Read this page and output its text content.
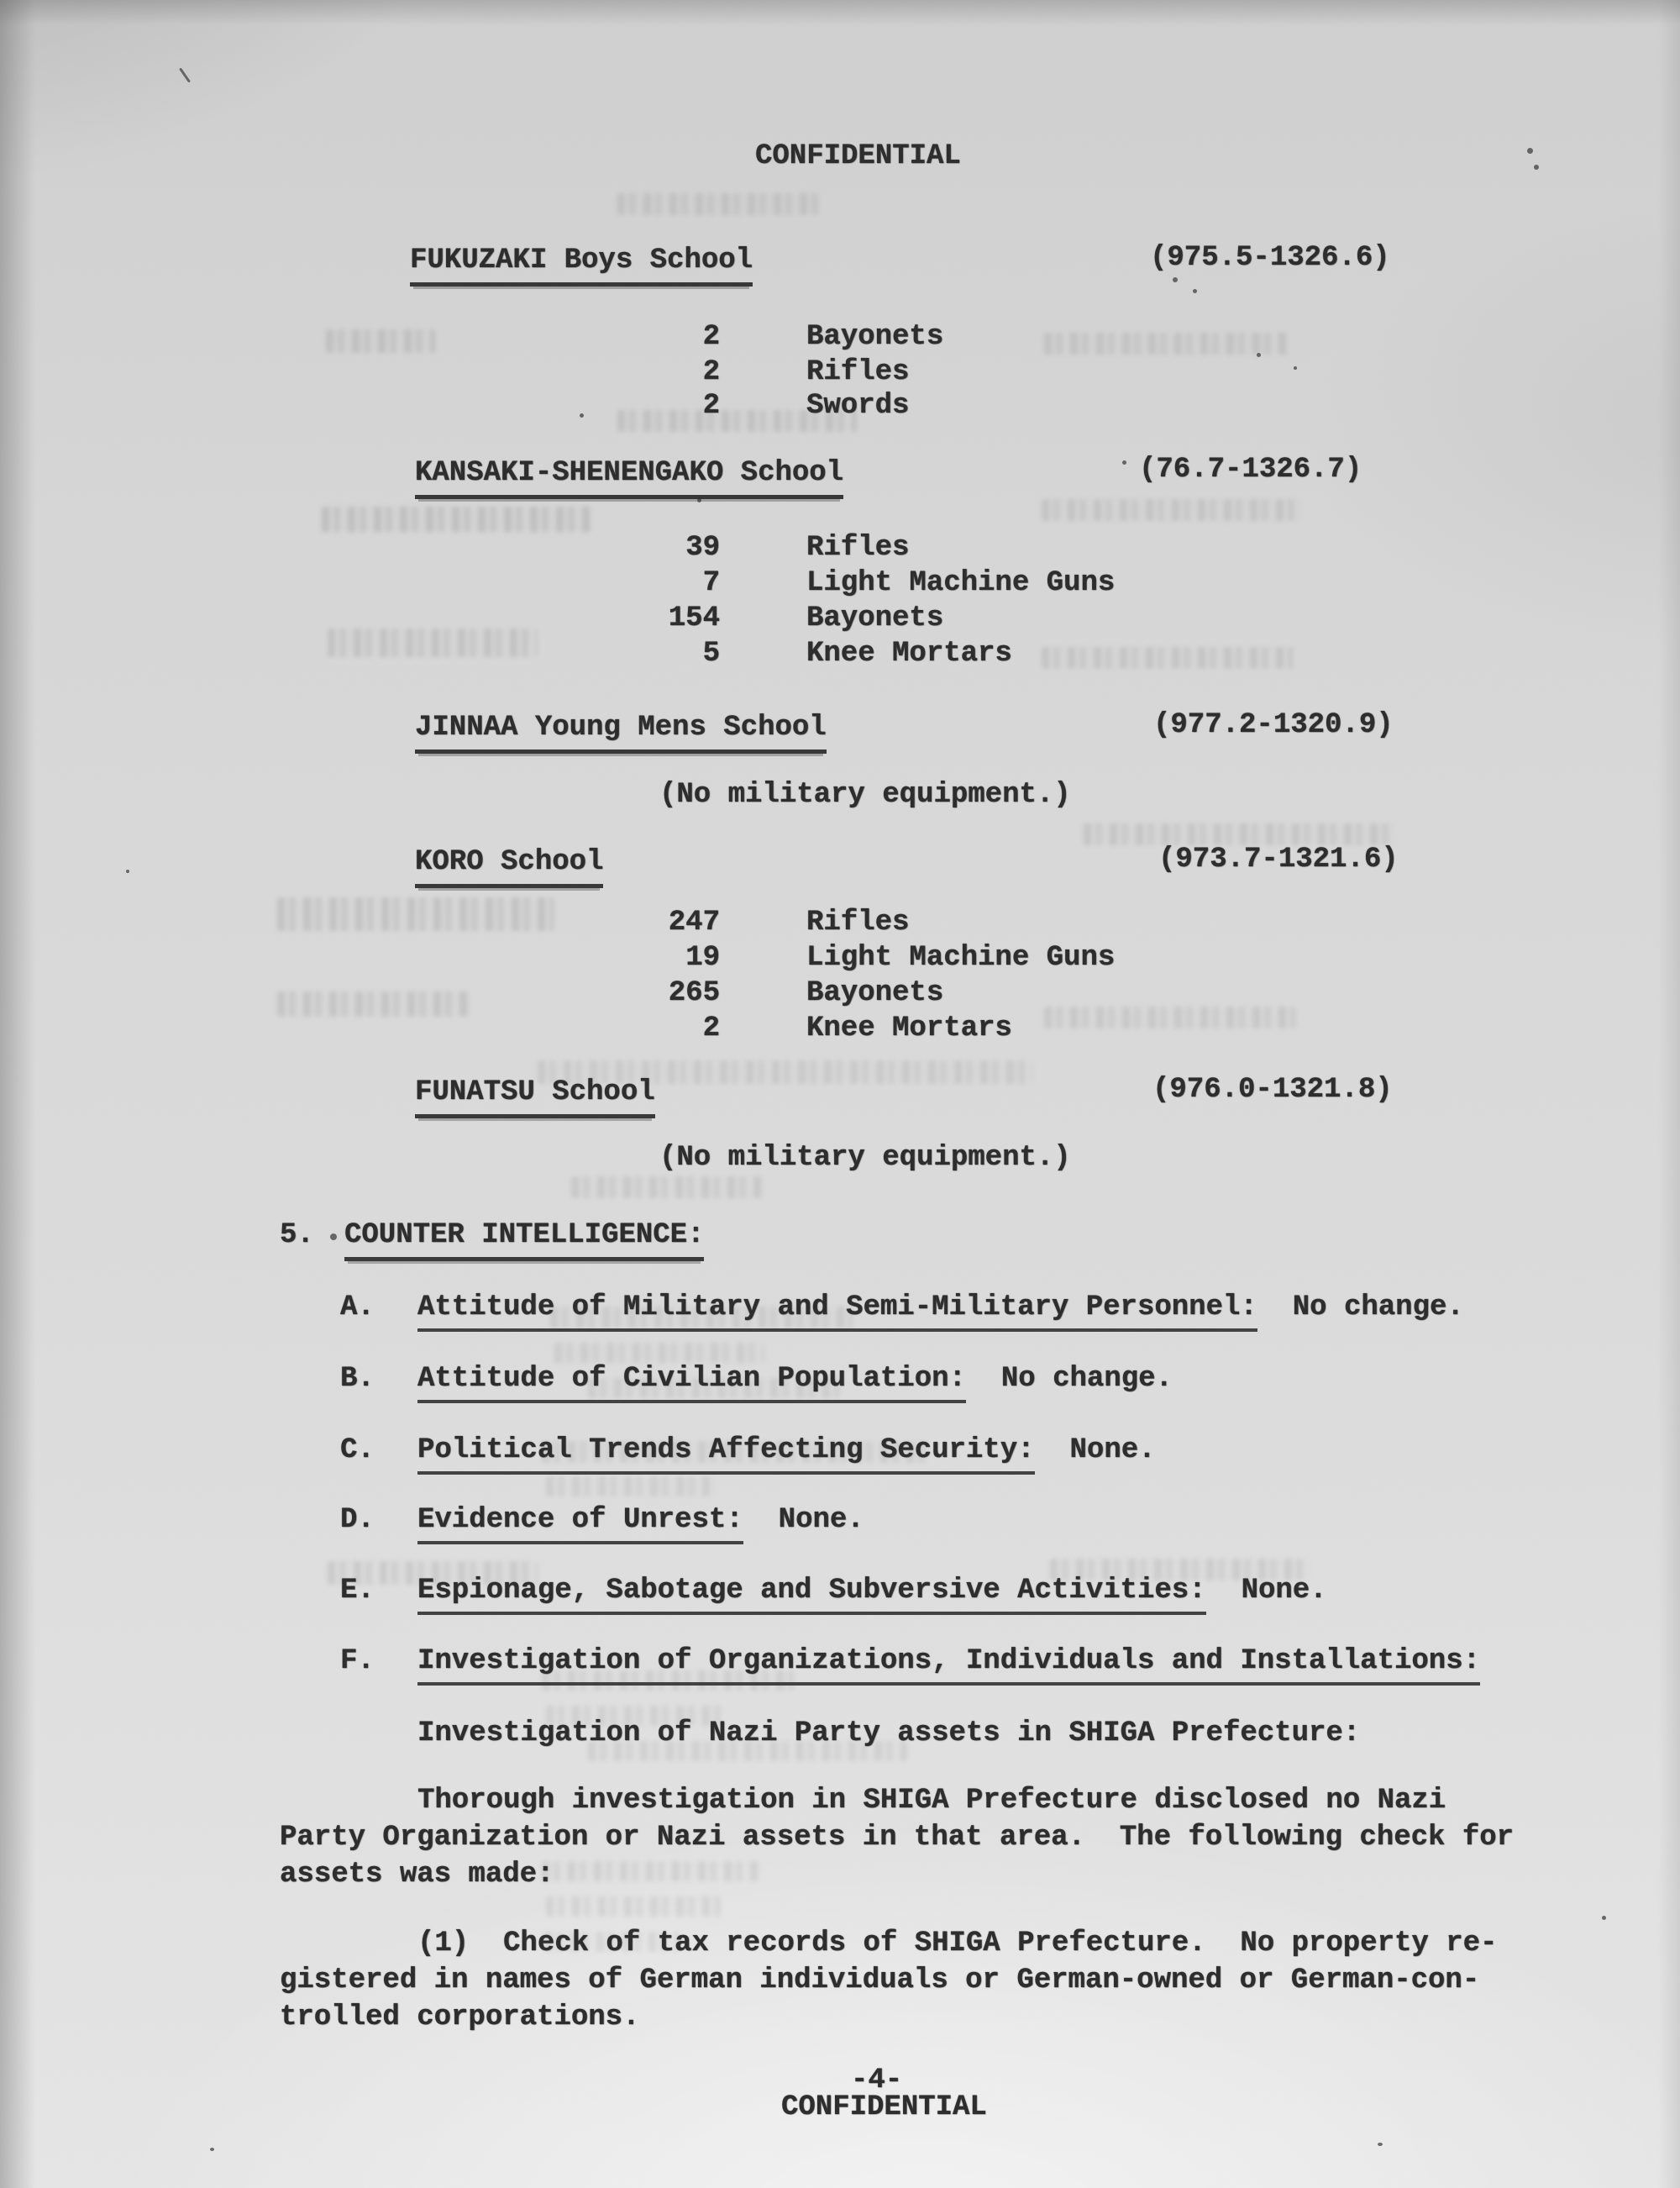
CONFIDENTIAL
FUKUZAKI Boys School	(975.5-1326.6)
2	Bayonets
2	Rifles
2	Swords
KANSAKI-SHENENGAKO School	(76.7-1326.7)
39	Rifles
7	Light Machine Guns
154	Bayonets
5	Knee Mortars
JINNAA Young Mens School	(977.2-1320.9)
(No military equipment.)
KORO School	(973.7-1321.6)
247	Rifles
19	Light Machine Guns
265	Bayonets
2	Knee Mortars
FUNATSU School	(976.0-1321.8)
(No military equipment.)
5. COUNTER INTELLIGENCE:
A. Attitude of Military and Semi-Military Personnel: No change.
B. Attitude of Civilian Population: No change.
C. Political Trends Affecting Security: None.
D. Evidence of Unrest: None.
E. Espionage, Sabotage and Subversive Activities: None.
F. Investigation of Organizations, Individuals and Installations:
Investigation of Nazi Party assets in SHIGA Prefecture:
Thorough investigation in SHIGA Prefecture disclosed no Nazi
Party Organization or Nazi assets in that area.  The following check for
assets was made:
(1)  Check of tax records of SHIGA Prefecture.  No property re-
gistered in names of German individuals or German-owned or German-con-
trolled corporations.
-4-
CONFIDENTIAL
